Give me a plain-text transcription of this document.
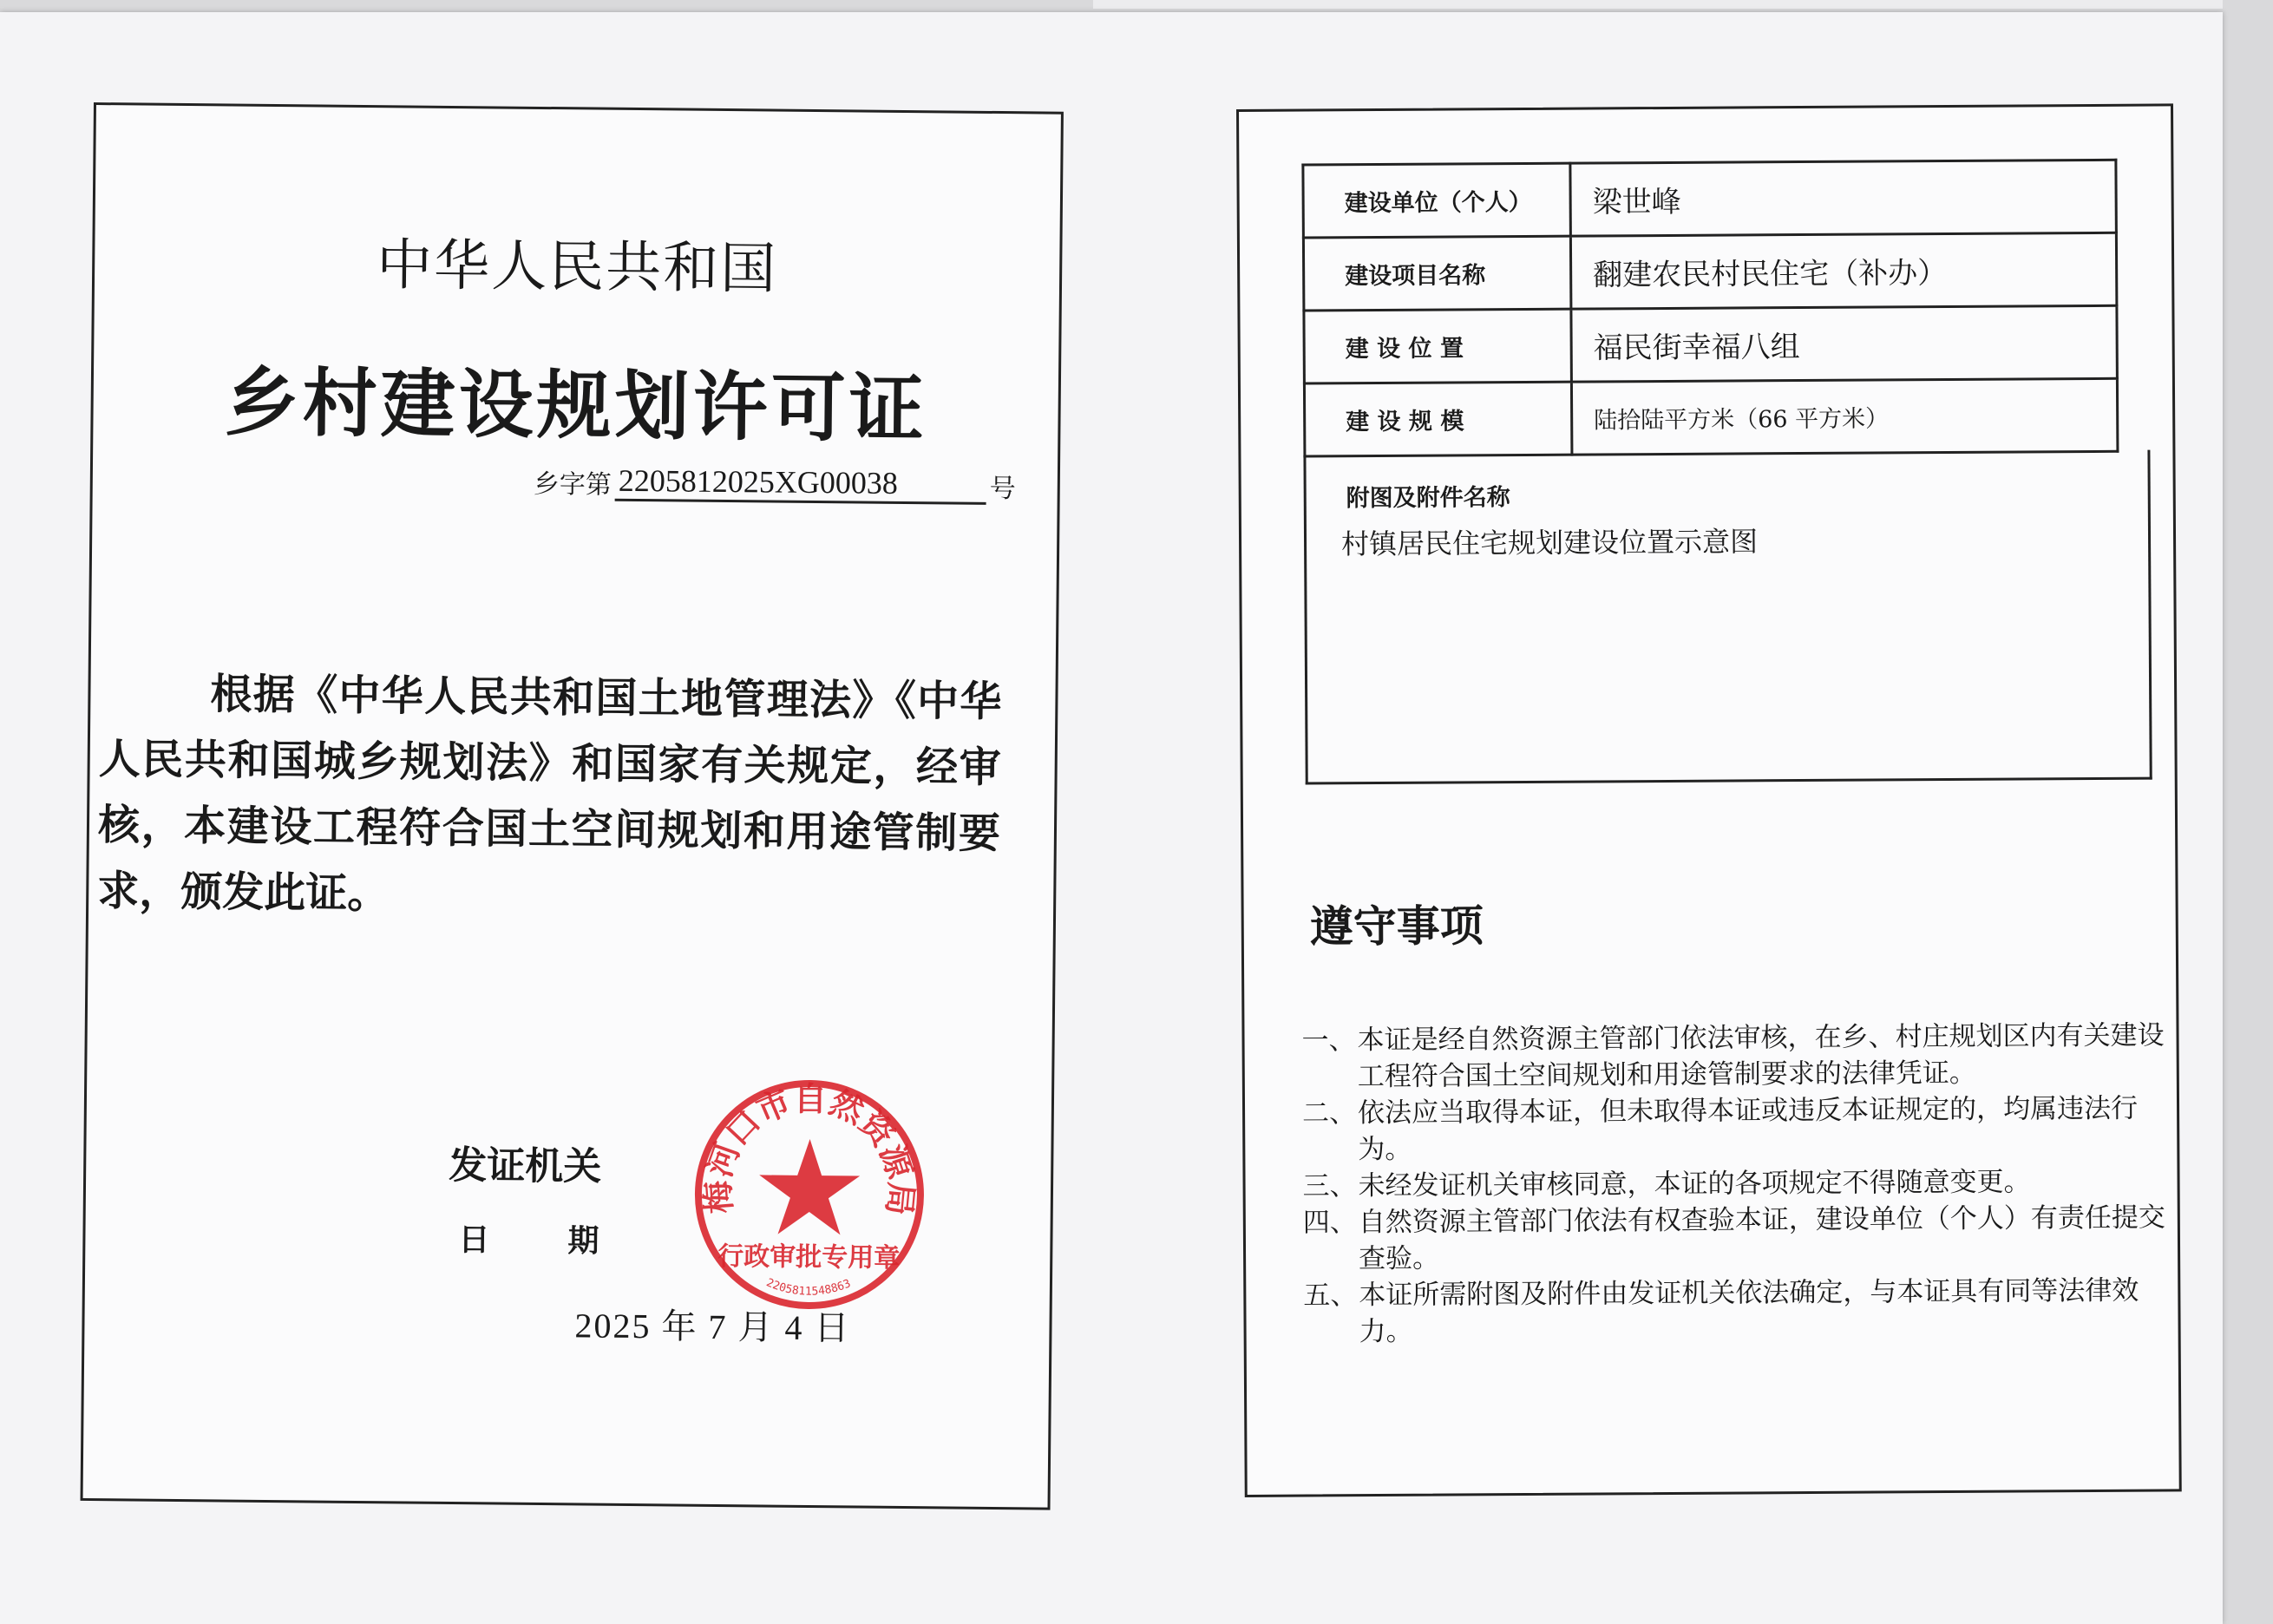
中华人民共和国
乡村建设规划许可证
乡字第 2205812025XG00038	号
根据《中华人民共和国土地管理法》《中华人民共和国城乡规划法》和国家有关规定，经审核，本建设工程符合国土空间规划和用途管制要求，颁发此证。
发证机关
日期
2025 年 7 月 4 日
梅河口市自然资源局
行政审批专用章
2205811548863
建设单位（个人）	梁世峰
建设项目名称	翻建农民村民住宅（补办）
建 设 位 置	福民街幸福八组
建 设 规 模	陆拾陆平方米（66 平方米）
附图及附件名称
村镇居民住宅规划建设位置示意图
遵守事项
一、 本证是经自然资源主管部门依法审核，在乡、村庄规划区内有关建设工程符合国土空间规划和用途管制要求的法律凭证。
二、 依法应当取得本证，但未取得本证或违反本证规定的，均属违法行为。
三、 未经发证机关审核同意，本证的各项规定不得随意变更。
四、 自然资源主管部门依法有权查验本证，建设单位（个人）有责任提交查验。
五、 本证所需附图及附件由发证机关依法确定，与本证具有同等法律效力。
